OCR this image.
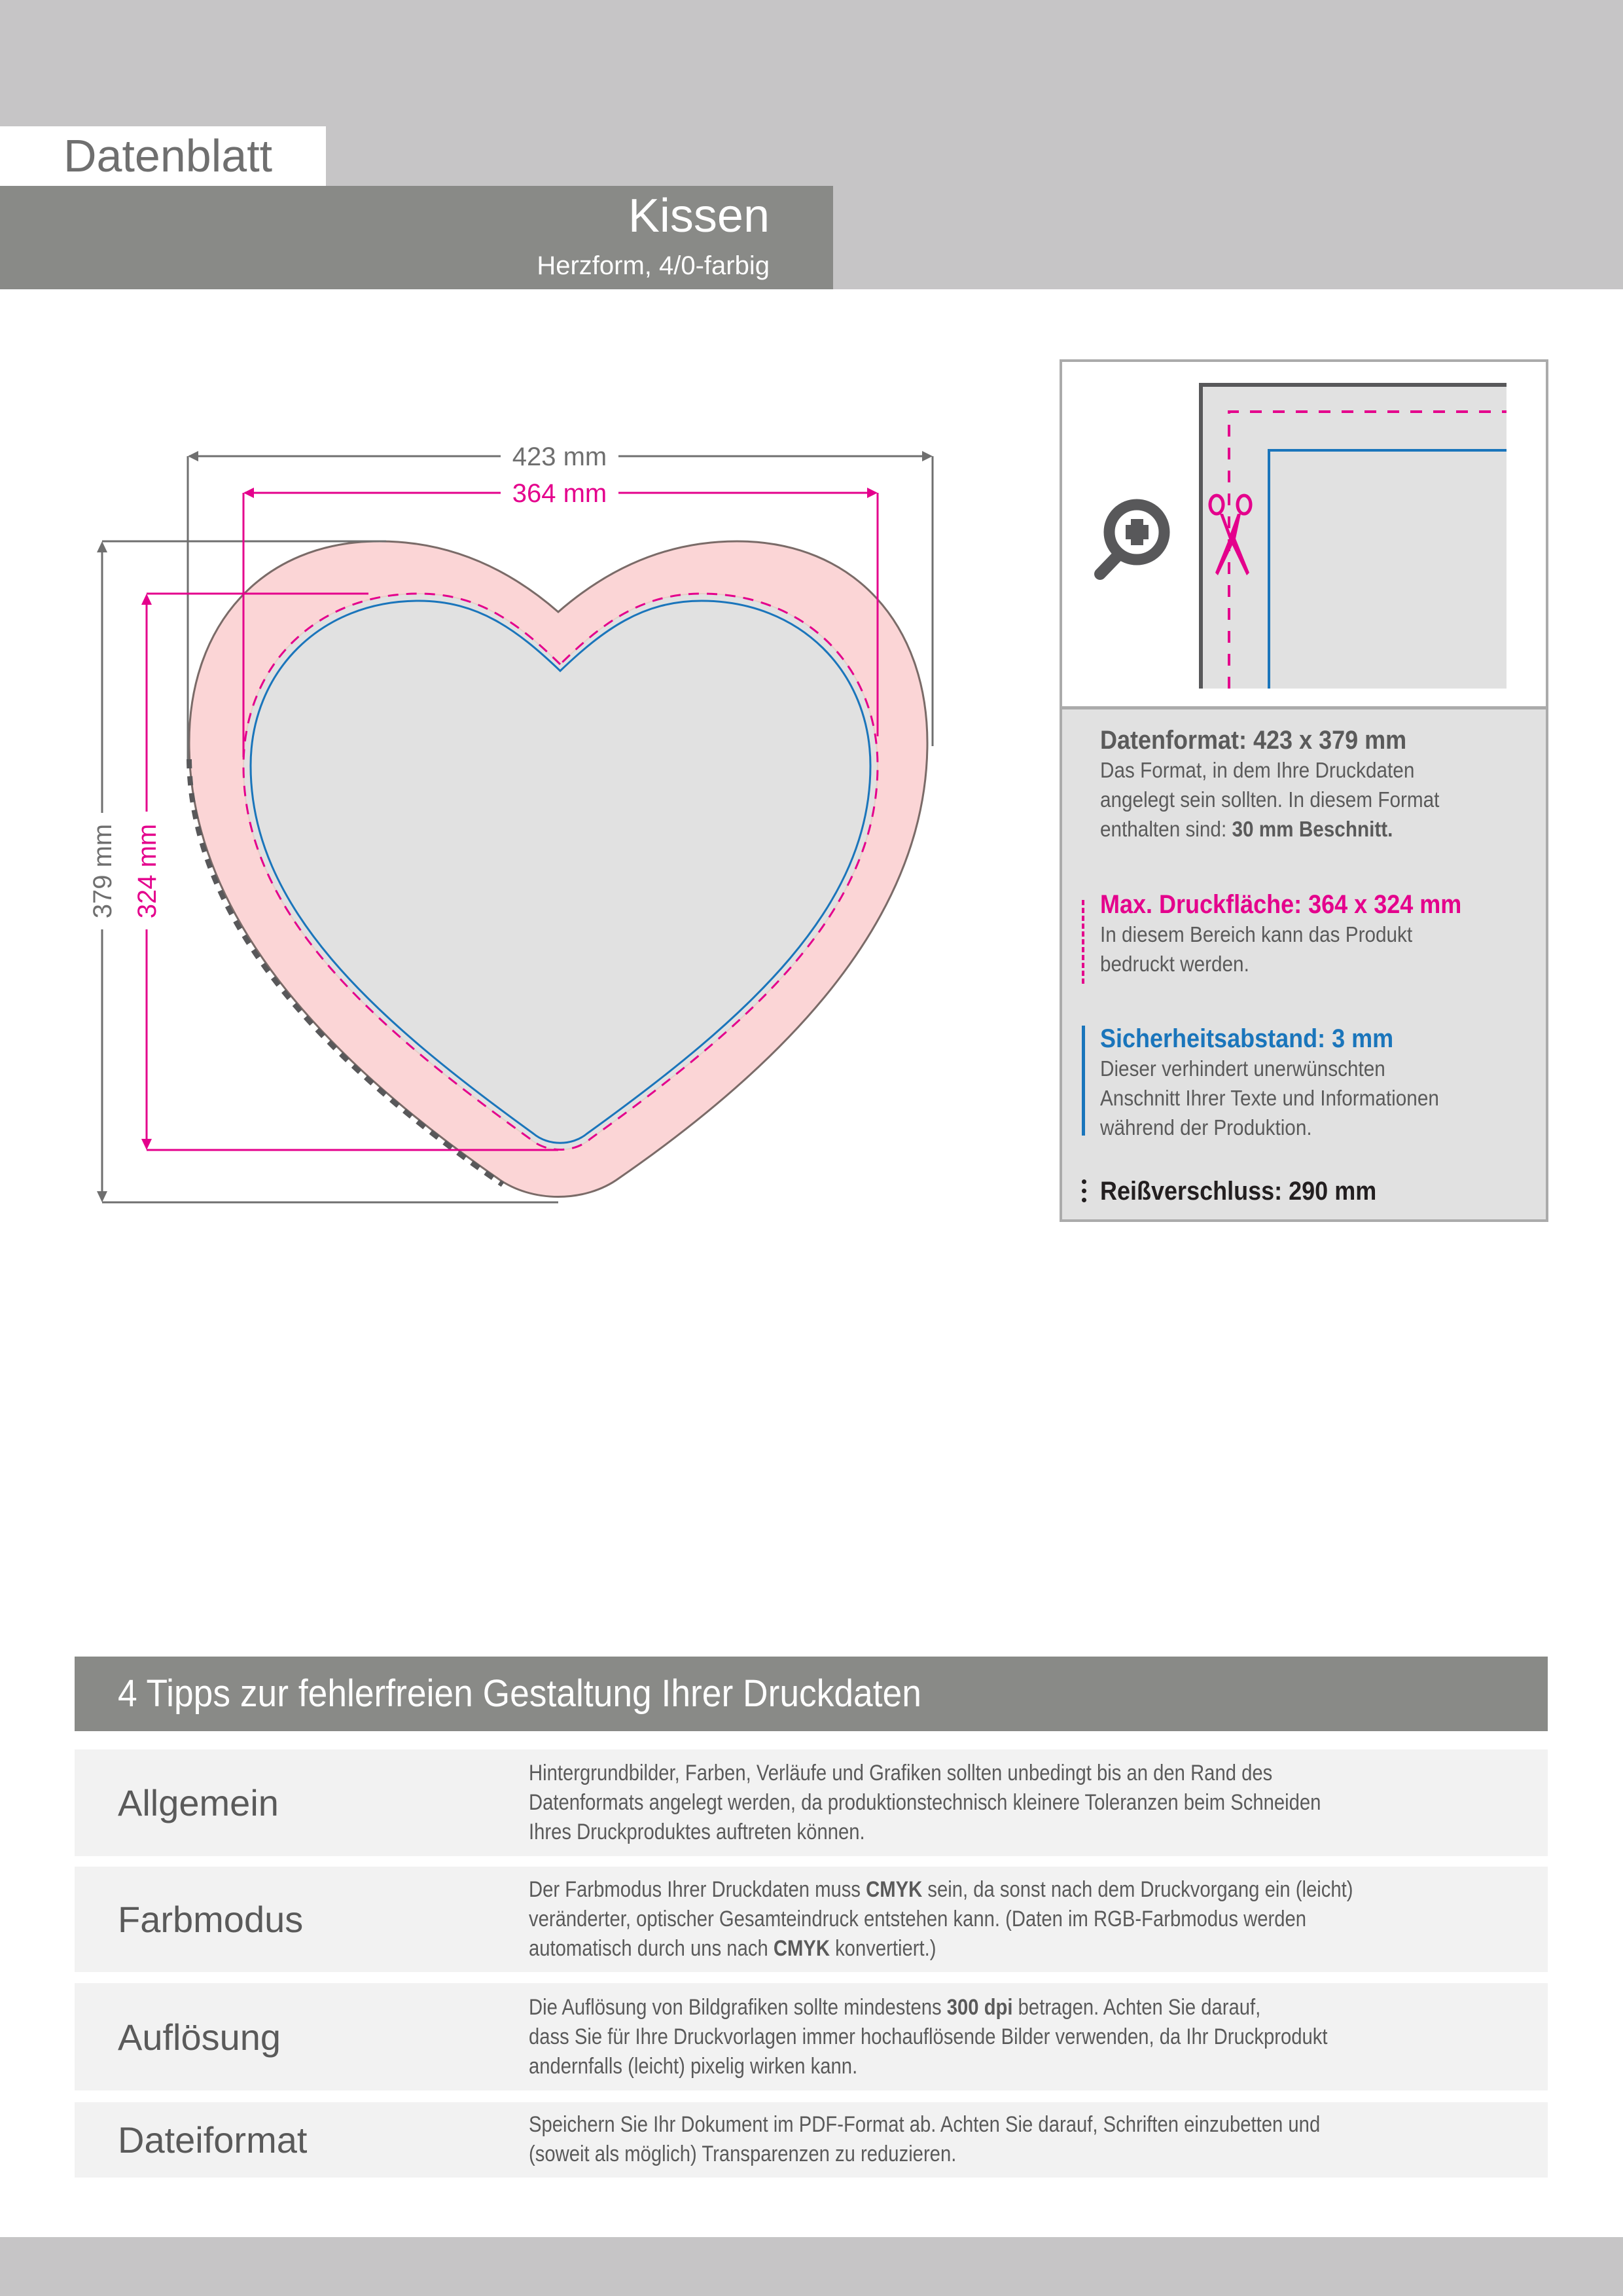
Datenblatt
Kissen
Herzform, 4/0-farbig
423 mm
379 mm
364 mm
324 mm
Datenformat: 423 x 379 mm
Das Format, in dem Ihre Druckdaten
angelegt sein sollten. In diesem Format
enthalten sind: 30 mm Beschnitt.
Max. Druckfläche: 364 x 324 mm
In diesem Bereich kann das Produkt
bedruckt werden.
Sicherheitsabstand: 3 mm
Dieser verhindert unerwünschten
Anschnitt Ihrer Texte und Informationen
während der Produktion.
Reißverschluss: 290 mm
4 Tipps zur fehlerfreien Gestaltung Ihrer Druckdaten
Allgemein
Hintergrundbilder, Farben, Verläufe und Grafiken sollten unbedingt bis an den Rand des
Datenformats angelegt werden, da produktionstechnisch kleinere Toleranzen beim Schneiden
Ihres Druckproduktes auftreten können.
Farbmodus
Der Farbmodus Ihrer Druckdaten muss CMYK sein, da sonst nach dem Druckvorgang ein (leicht)
veränderter, optischer Gesamteindruck entstehen kann. (Daten im RGB-Farbmodus werden
automatisch durch uns nach CMYK konvertiert.)
Auflösung
Die Auflösung von Bildgrafiken sollte mindestens 300 dpi betragen. Achten Sie darauf,
dass Sie für Ihre Druckvorlagen immer hochauflösende Bilder verwenden, da Ihr Druckprodukt
andernfalls (leicht) pixelig wirken kann.
Dateiformat	Speichern Sie Ihr Dokument im PDF-Format ab. Achten Sie darauf, Schriften einzubetten und
(soweit als möglich) Transparenzen zu reduzieren.
